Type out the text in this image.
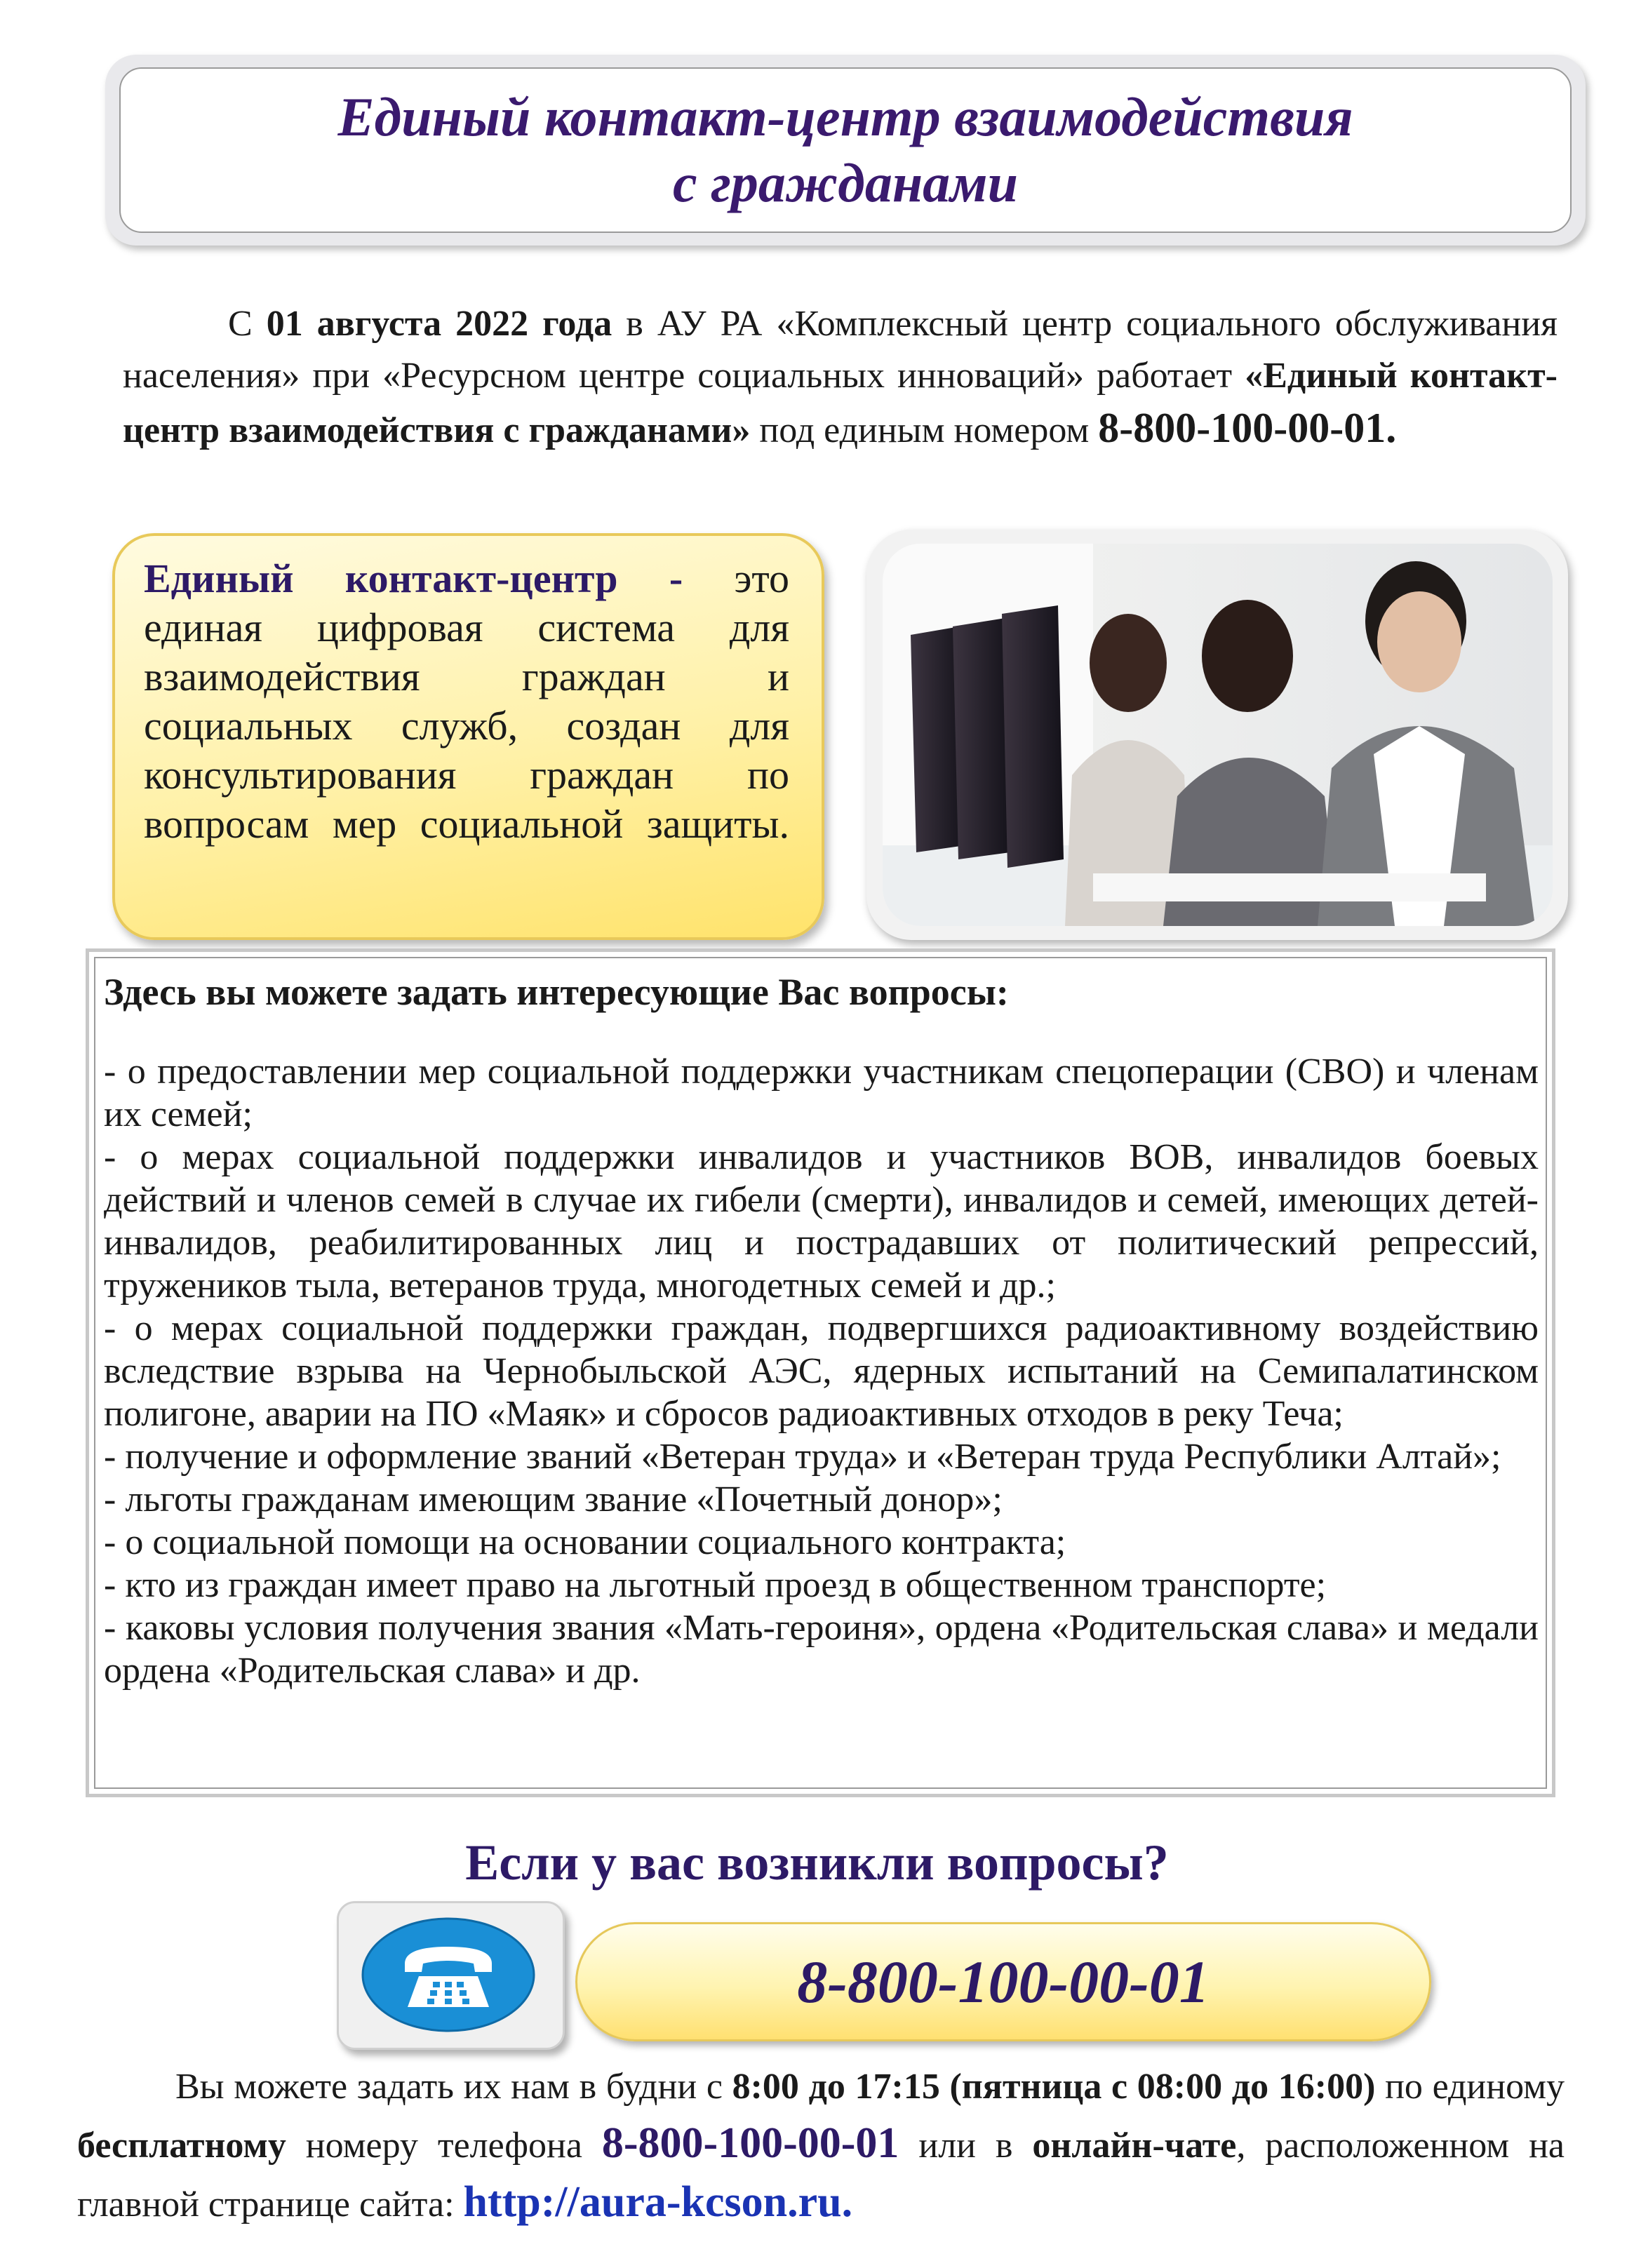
Единый контакт-центр взаимодействия
с гражданами

С 01 августа 2022 года в АУ РА «Комплексный центр социального обслуживания населения» при «Ресурсном центре социальных инноваций» работает «Единый контакт-центр взаимодействия с гражданами» под единым номером 8-800-100-00-01.

Единый контакт-центр - это единая цифровая система для взаимодействия граждан и социальных служб, создан для консультирования граждан по вопросам мер социальной защиты.

Здесь вы можете задать интересующие Вас вопросы:
- о предоставлении мер социальной поддержки участникам спецоперации (СВО) и членам их семей;
- о мерах социальной поддержки инвалидов и участников ВОВ, инвалидов боевых действий и членов семей в случае их гибели (смерти), инвалидов и семей, имеющих детей-инвалидов, реабилитированных лиц и пострадавших от политический репрессий, тружеников тыла, ветеранов труда, многодетных семей и др.;
- о мерах социальной поддержки граждан, подвергшихся радиоактивному воздействию вследствие взрыва на Чернобыльской АЭС, ядерных испытаний на Семипалатинском полигоне, аварии на ПО «Маяк» и сбросов радиоактивных отходов в реку Теча;
- получение и оформление званий «Ветеран труда» и «Ветеран труда Республики Алтай»;
- льготы гражданам имеющим звание «Почетный донор»;
- о социальной помощи на основании социального контракта;
- кто из граждан имеет право на льготный проезд в общественном транспорте;
- каковы условия получения звания «Мать-героиня», ордена «Родительская слава» и медали ордена «Родительская слава» и др.
Если у вас возникли вопросы?
8-800-100-00-01

Вы можете задать их нам в будни с 8:00 до 17:15 (пятница с 08:00 до 16:00) по единому бесплатному номеру телефона 8-800-100-00-01 или в онлайн-чате, расположенном на главной странице сайта: http://aura-kcson.ru.
